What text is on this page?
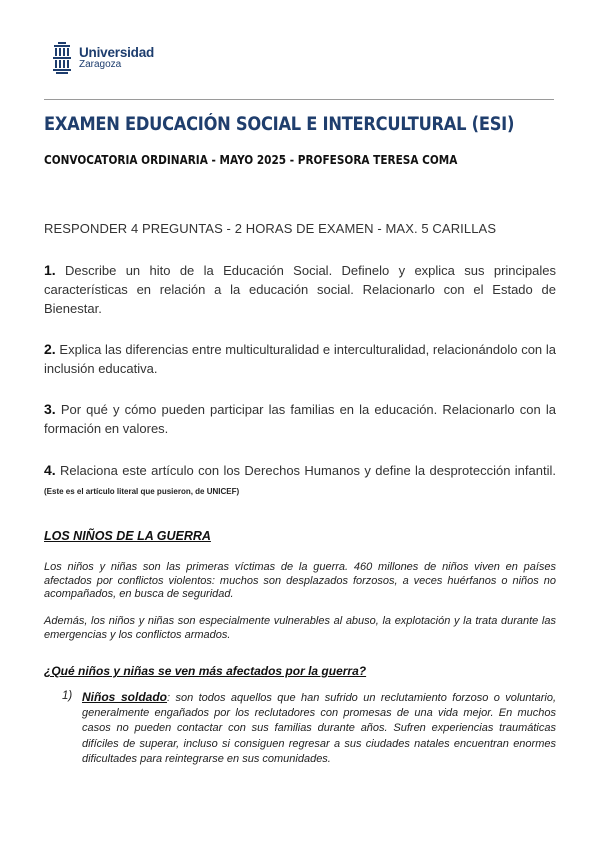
Universidad
Zaragoza
EXAMEN EDUCACIÓN SOCIAL E INTERCULTURAL (ESI)
CONVOCATORIA ORDINARIA - MAYO 2025 - PROFESORA TERESA COMA
RESPONDER 4 PREGUNTAS - 2 HORAS DE EXAMEN - MAX. 5 CARILLAS

1. Describe un hito de la Educación Social. Definelo y explica sus principales características en relación a la educación social. Relacionarlo con el Estado de Bienestar.

2. Explica las diferencias entre multiculturalidad e interculturalidad, relacionándolo con la inclusión educativa.

3. Por qué y cómo pueden participar las familias en la educación. Relacionarlo con la formación en valores.

4. Relaciona este artículo con los Derechos Humanos y define la desprotección infantil. (Este es el artículo literal que pusieron, de UNICEF)

LOS NIÑOS DE LA GUERRA

Los niños y niñas son las primeras víctimas de la guerra. 460 millones de niños viven en países afectados por conflictos violentos: muchos son desplazados forzosos, a veces huérfanos o niños no acompañados, en busca de seguridad.

Además, los niños y niñas son especialmente vulnerables al abuso, la explotación y la trata durante las emergencias y los conflictos armados.

¿Qué niños y niñas se ven más afectados por la guerra?
1) Niños soldado: son todos aquellos que han sufrido un reclutamiento forzoso o voluntario, generalmente engañados por los reclutadores con promesas de una vida mejor. En muchos casos no pueden contactar con sus familias durante años. Sufren experiencias traumáticas difíciles de superar, incluso si consiguen regresar a sus ciudades natales encuentran enormes dificultades para reintegrarse en sus comunidades.
